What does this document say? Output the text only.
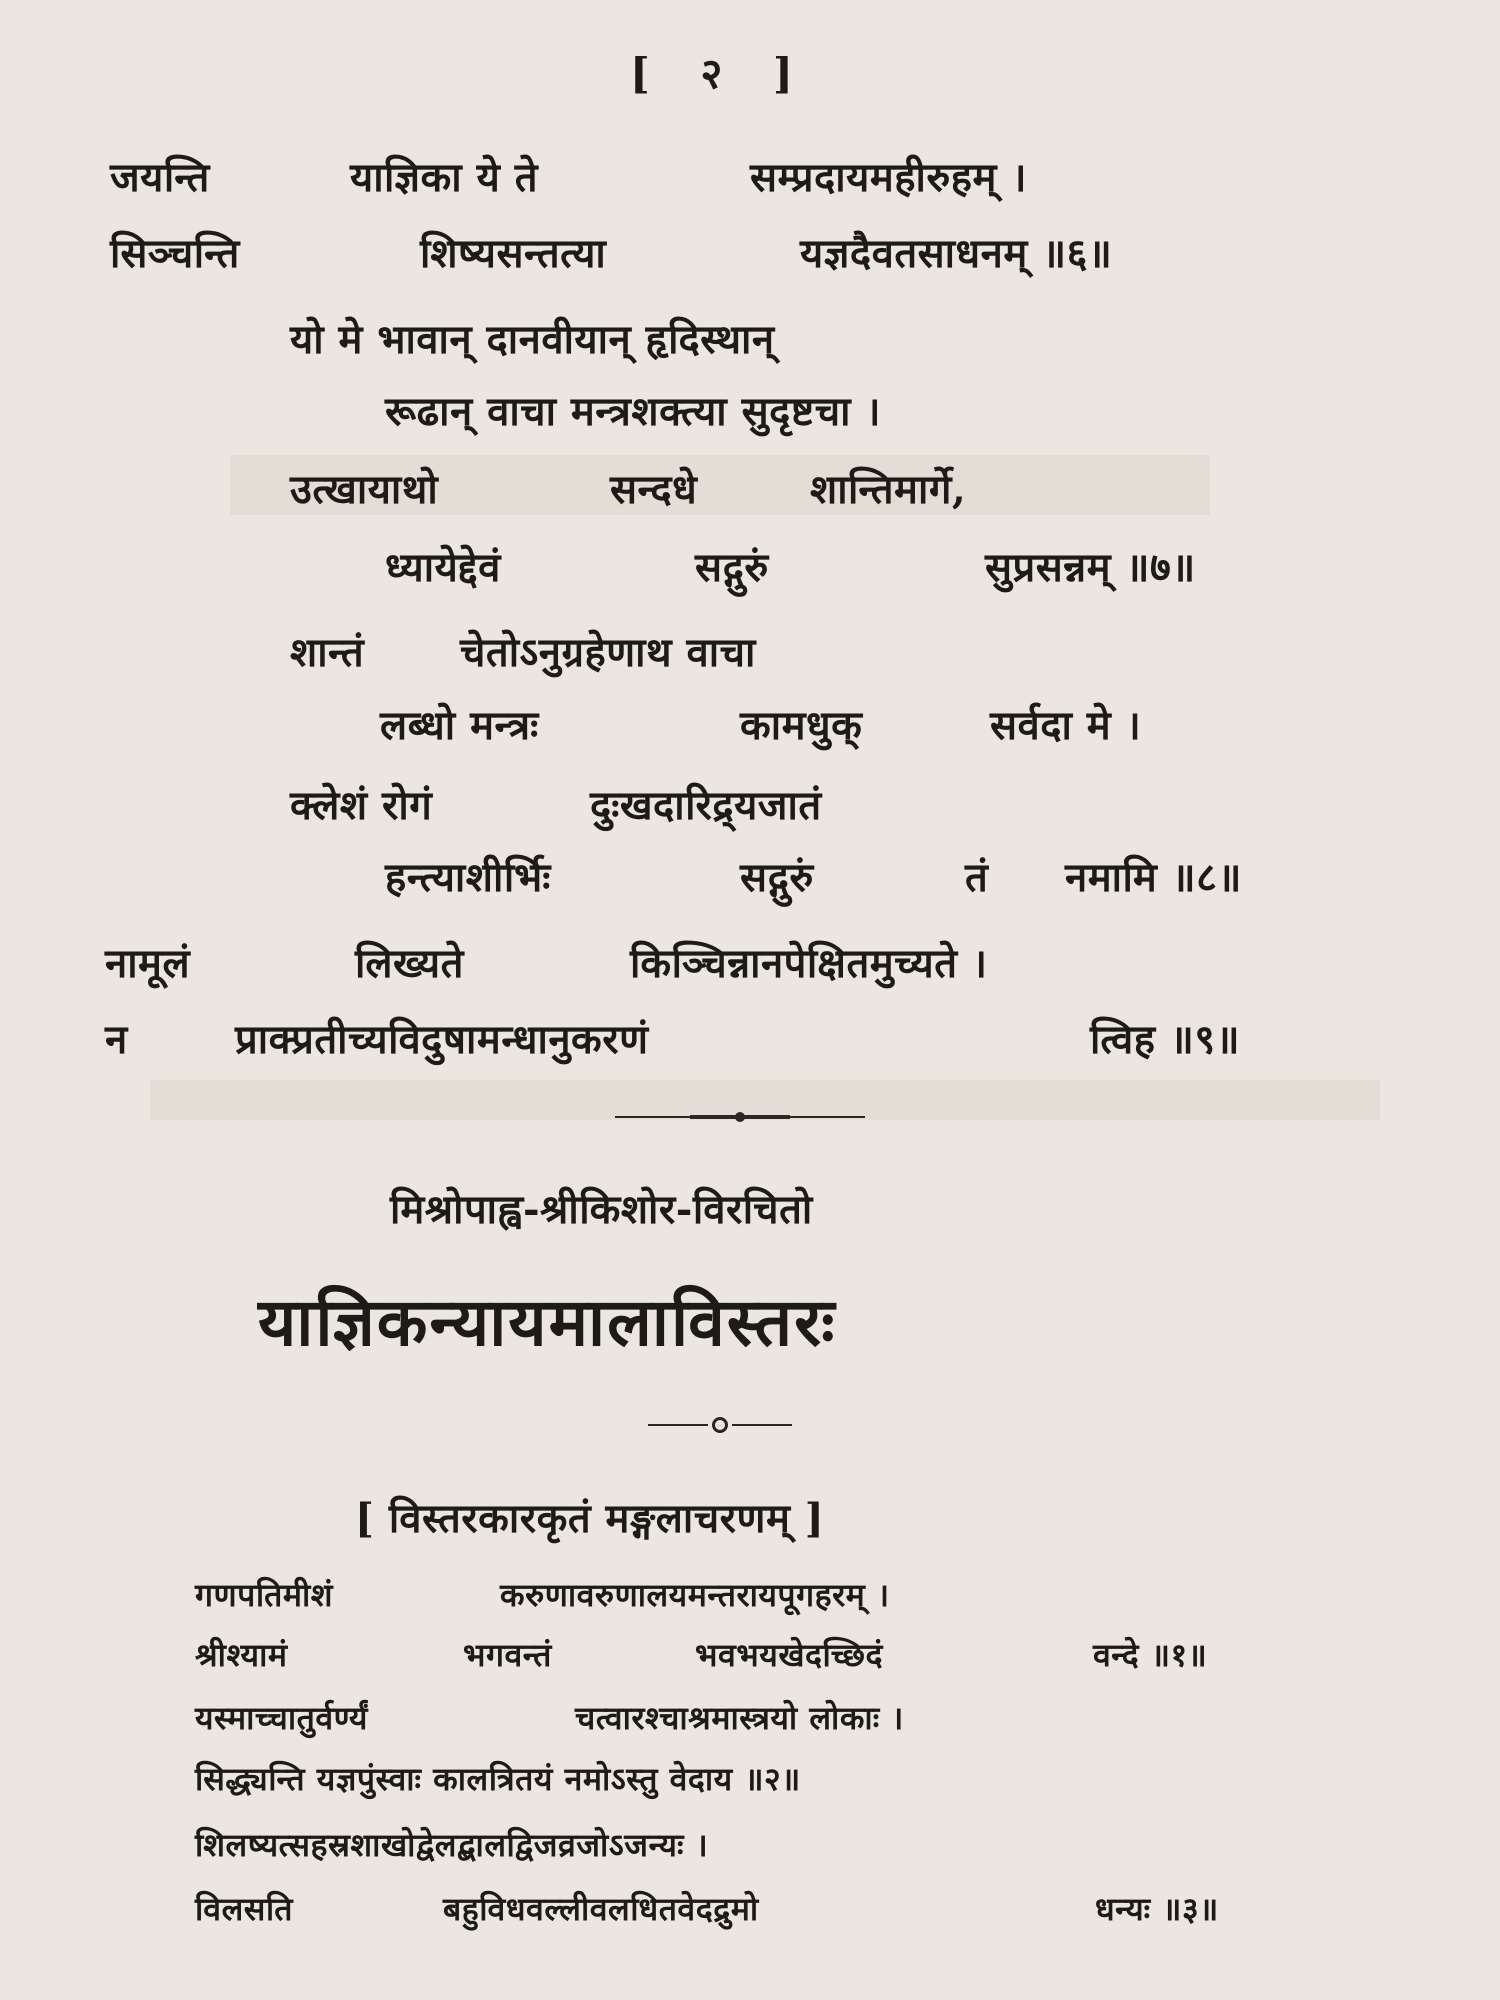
[ २ ]
जयन्ति	याज्ञिका ये ते	सम्प्रदायमहीरुहम् ।
सिञ्चन्ति	शिष्यसन्तत्या	यज्ञदैवतसाधनम् ॥६॥
यो मे भावान् दानवीयान् हृदिस्थान्
रूढान् वाचा मन्त्रशक्त्या सुदृष्टचा ।
उत्खायाथो	सन्दधे	शान्तिमार्गे,
ध्यायेद्देवं	सद्गुरुं	सुप्रसन्नम् ॥७॥
शान्तं चेतोऽनुग्रहेणाथ वाचा
लब्धो मन्त्रः	कामधुक्	सर्वदा मे ।
क्लेशं रोगं	दुःखदारिद्र्यजातं
हन्त्याशीर्भिः	सद्गुरुं	तं नमामि ॥८॥
नामूलं	लिख्यते	किञ्चिन्नानपेक्षितमुच्यते ।
न	प्राक्प्रतीच्यविदुषामन्धानुकरणं	त्विह ॥९॥
मिश्रोपाह्व-श्रीकिशोर-विरचितो
याज्ञिकन्यायमालाविस्तरः
[ विस्तरकारकृतं मङ्गलाचरणम् ]
गणपतिमीशं	करुणावरुणालयमन्तरायपूगहरम् ।
श्रीश्यामं	भगवन्तं	भवभयखेदच्छिदं	वन्दे ॥१॥
यस्माच्चातुर्वर्ण्यं	चत्वारश्चाश्रमास्त्रयो लोकाः ।
सिद्ध्यन्ति यज्ञपुंस्वाः कालत्रितयं नमोऽस्तु वेदाय ॥२॥
शिलष्यत्सहस्रशाखोद्वेलद्बालद्विजव्रजोऽजन्यः ।
विलसति	बहुविधवल्लीवलधितवेदद्रुमो	धन्यः ॥३॥
